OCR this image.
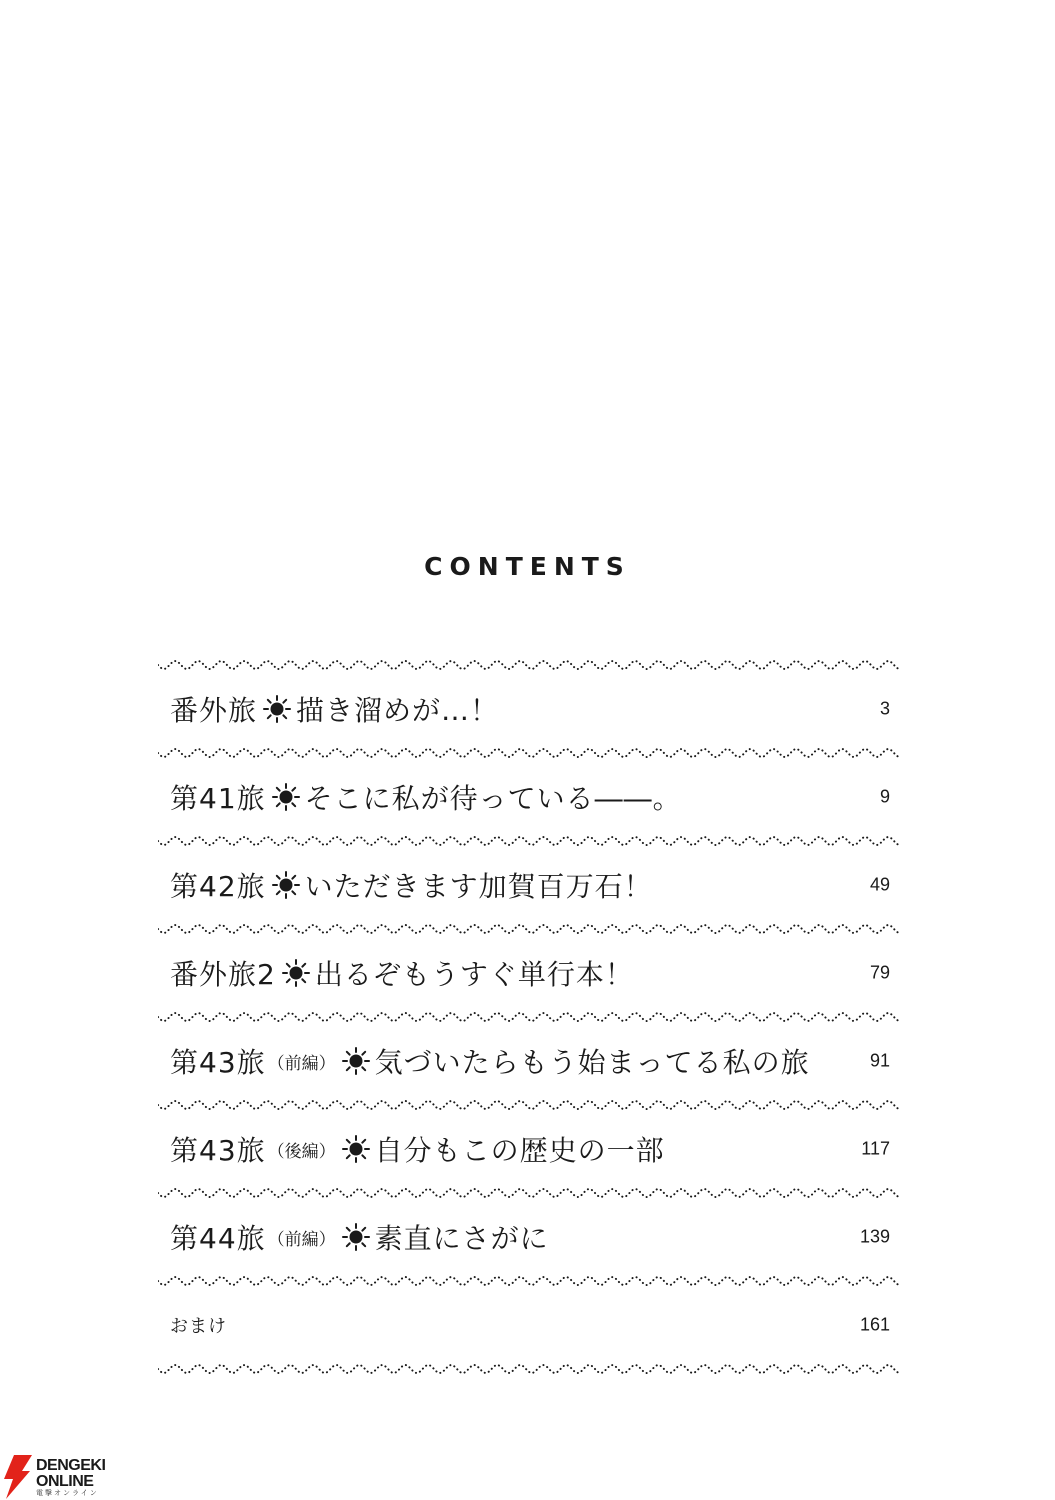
CONTENTS
番外旅 描き溜めが…！	3
第41旅 そこに私が待っている――。	9
第42旅 いただきます加賀百万石！	49
番外旅2 出るぞもうすぐ単行本！	79
第43旅 （前編） 気づいたらもう始まってる私の旅	91
第43旅 （後編） 自分もこの歴史の一部	117
第44旅 （前編） 素直にさがに	139
おまけ	161
DENGEKI
ONLINE
電撃オンライン
